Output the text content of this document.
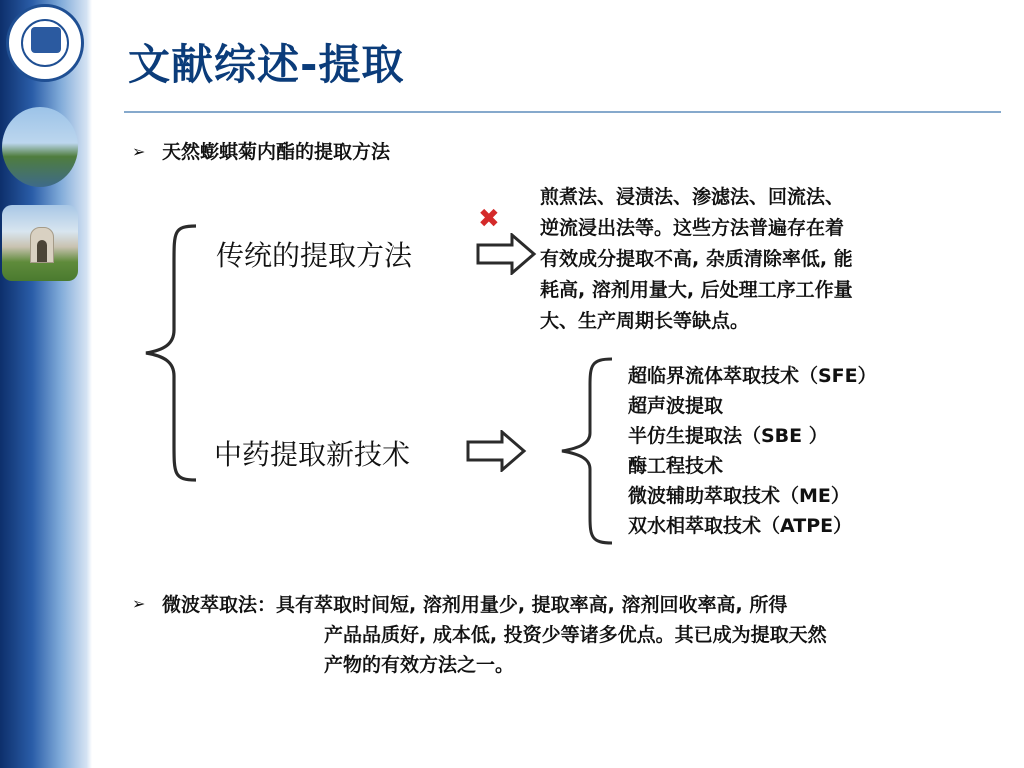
文献综述-提取
➢ 天然蟛蜞菊内酯的提取方法
传统的提取方法
中药提取新技术
✖
煎煮法、浸渍法、渗滤法、回流法、
逆流浸出法等。这些方法普遍存在着
有效成分提取不高, 杂质清除率低, 能
耗高, 溶剂用量大, 后处理工序工作量
大、生产周期长等缺点。
超临界流体萃取技术（SFE）
超声波提取
半仿生提取法（SBE ）
酶工程技术
微波辅助萃取技术（ME）
双水相萃取技术（ATPE）
➢ 微波萃取法：具有萃取时间短, 溶剂用量少, 提取率高, 溶剂回收率高, 所得
产品品质好, 成本低, 投资少等诸多优点。其已成为提取天然
产物的有效方法之一。
